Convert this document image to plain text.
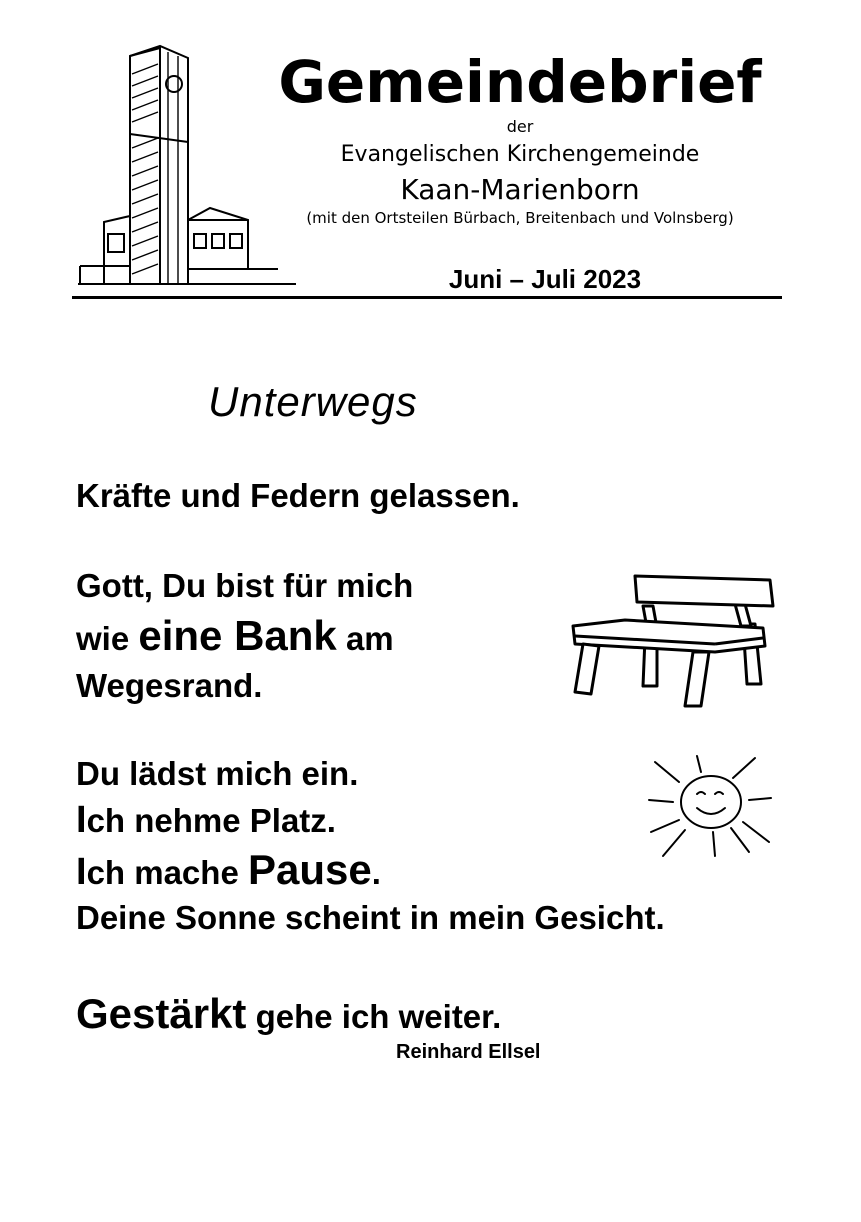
Gemeindebrief
der
Evangelischen Kirchengemeinde
Kaan-Marienborn
(mit den Ortsteilen Bürbach, Breitenbach und Volnsberg)
Juni – Juli 2023
Unterwegs
Kräfte und Federn gelassen.
Gott, Du bist für mich
wie eine Bank am
Wegesrand.
Du lädst mich ein.
Ich nehme Platz.
Ich mache Pause.
Deine Sonne scheint in mein Gesicht.
Gestärkt gehe ich weiter.
Reinhard Ellsel
